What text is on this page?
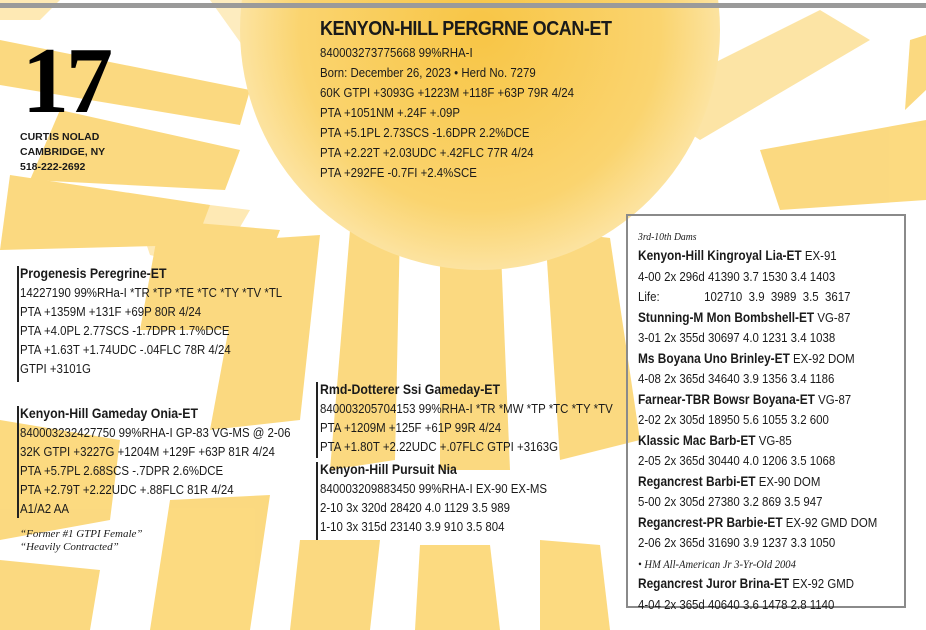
17
CURTIS NOLAD
CAMBRIDGE, NY
518-222-2692
KENYON-HILL PERGRNE OCAN-ET
840003273775668 99%RHA-I
Born: December 26, 2023 • Herd No. 7279
60K GTPI +3093G +1223M +118F +63P 79R 4/24
PTA +1051NM +.24F +.09P
PTA +5.1PL 2.73SCS -1.6DPR 2.2%DCE
PTA +2.22T +2.03UDC +.42FLC 77R 4/24
PTA +292FE -0.7FI +2.4%SCE
Progenesis Peregrine-ET
14227190 99%RHa-I *TR *TP *TE *TC *TY *TV *TL
PTA +1359M +131F +69P 80R 4/24
PTA +4.0PL 2.77SCS -1.7DPR 1.7%DCE
PTA +1.63T +1.74UDC -.04FLC 78R 4/24
GTPI +3101G
Kenyon-Hill Gameday Onia-ET
840003232427750 99%RHA-I GP-83 VG-MS @ 2-06
32K GTPI +3227G +1204M +129F +63P 81R 4/24
PTA +5.7PL 2.68SCS -.7DPR 2.6%DCE
PTA +2.79T +2.22UDC +.88FLC 81R 4/24
A1/A2 AA
“Former #1 GTPI Female”
“Heavily Contracted”
Rmd-Dotterer Ssi Gameday-ET
840003205704153 99%RHA-I *TR *MW *TP *TC *TY *TV
PTA +1209M +125F +61P 99R 4/24
PTA +1.80T +2.22UDC +.07FLC GTPI +3163G
Kenyon-Hill Pursuit Nia
840003209883450 99%RHA-I EX-90 EX-MS
2-10 3x 320d 28420 4.0 1129 3.5 989
1-10 3x 315d 23140 3.9 910 3.5 804
3rd-10th Dams
Kenyon-Hill Kingroyal Lia-ET EX-91
4-00 2x 296d 41390 3.7 1530 3.4 1403
Life:              102710  3.9  3989  3.5  3617
Stunning-M Mon Bombshell-ET VG-87
3-01 2x 355d 30697 4.0 1231 3.4 1038
Ms Boyana Uno Brinley-ET EX-92 DOM
4-08 2x 365d 34640 3.9 1356 3.4 1186
Farnear-TBR Bowsr Boyana-ET VG-87
2-02 2x 305d 18950 5.6 1055 3.2 600
Klassic Mac Barb-ET VG-85
2-05 2x 365d 30440 4.0 1206 3.5 1068
Regancrest Barbi-ET EX-90 DOM
5-00 2x 305d 27380 3.2 869 3.5 947
Regancrest-PR Barbie-ET EX-92 GMD DOM
2-06 2x 365d 31690 3.9 1237 3.3 1050
• HM All-American Jr 3-Yr-Old 2004
Regancrest Juror Brina-ET EX-92 GMD
4-04 2x 365d 40640 3.6 1478 2.8 1140
